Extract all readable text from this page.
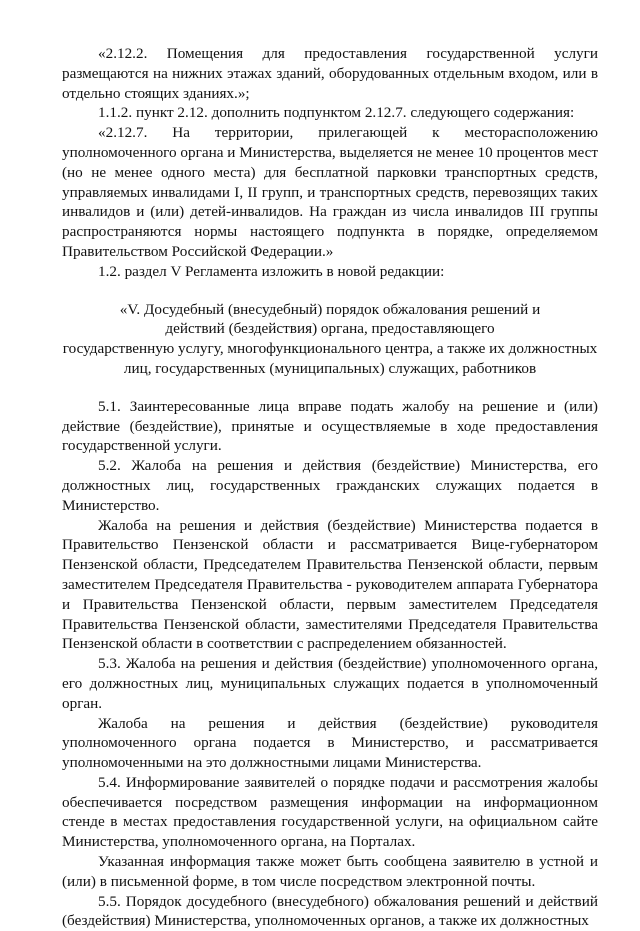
«2.12.2. Помещения для предоставления государственной услуги размещаются на нижних этажах зданий, оборудованных отдельным входом, или в отдельно стоящих зданиях.»;

1.1.2. пункт 2.12. дополнить подпунктом 2.12.7. следующего содержания:

«2.12.7. На территории, прилегающей к месторасположению уполномоченного органа и Министерства, выделяется не менее 10 процентов мест (но не менее одного места) для бесплатной парковки транспортных средств, управляемых инвалидами I, II групп, и транспортных средств, перевозящих таких инвалидов и (или) детей-инвалидов. На граждан из числа инвалидов III группы распространяются нормы настоящего подпункта в порядке, определяемом Правительством Российской Федерации.»

1.2. раздел V Регламента изложить в новой редакции:

«V. Досудебный (внесудебный) порядок обжалования решений и
действий (бездействия) органа, предоставляющего
государственную услугу, многофункционального центра, а также их должностных
лиц, государственных (муниципальных) служащих, работников

5.1. Заинтересованные лица вправе подать жалобу на решение и (или) действие (бездействие), принятые и осуществляемые в ходе предоставления государственной услуги.

5.2. Жалоба на решения и действия (бездействие) Министерства, его должностных лиц, государственных гражданских служащих подается в Министерство.

Жалоба на решения и действия (бездействие) Министерства подается в Правительство Пензенской области и рассматривается Вице-губернатором Пензенской области, Председателем Правительства Пензенской области, первым заместителем Председателя Правительства - руководителем аппарата Губернатора и Правительства Пензенской области, первым заместителем Председателя Правительства Пензенской области, заместителями Председателя Правительства Пензенской области в соответствии с распределением обязанностей.

5.3. Жалоба на решения и действия (бездействие) уполномоченного органа, его должностных лиц, муниципальных служащих подается в уполномоченный орган.

Жалоба на решения и действия (бездействие) руководителя уполномоченного органа подается в Министерство, и рассматривается уполномоченными на это должностными лицами Министерства.

5.4. Информирование заявителей о порядке подачи и рассмотрения жалобы обеспечивается посредством размещения информации на информационном стенде в местах предоставления государственной услуги, на официальном сайте Министерства, уполномоченного органа, на Порталах.

Указанная информация также может быть сообщена заявителю в устной и (или) в письменной форме, в том числе посредством электронной почты.

5.5. Порядок досудебного (внесудебного) обжалования решений и действий (бездействия) Министерства, уполномоченных органов, а также их должностных
